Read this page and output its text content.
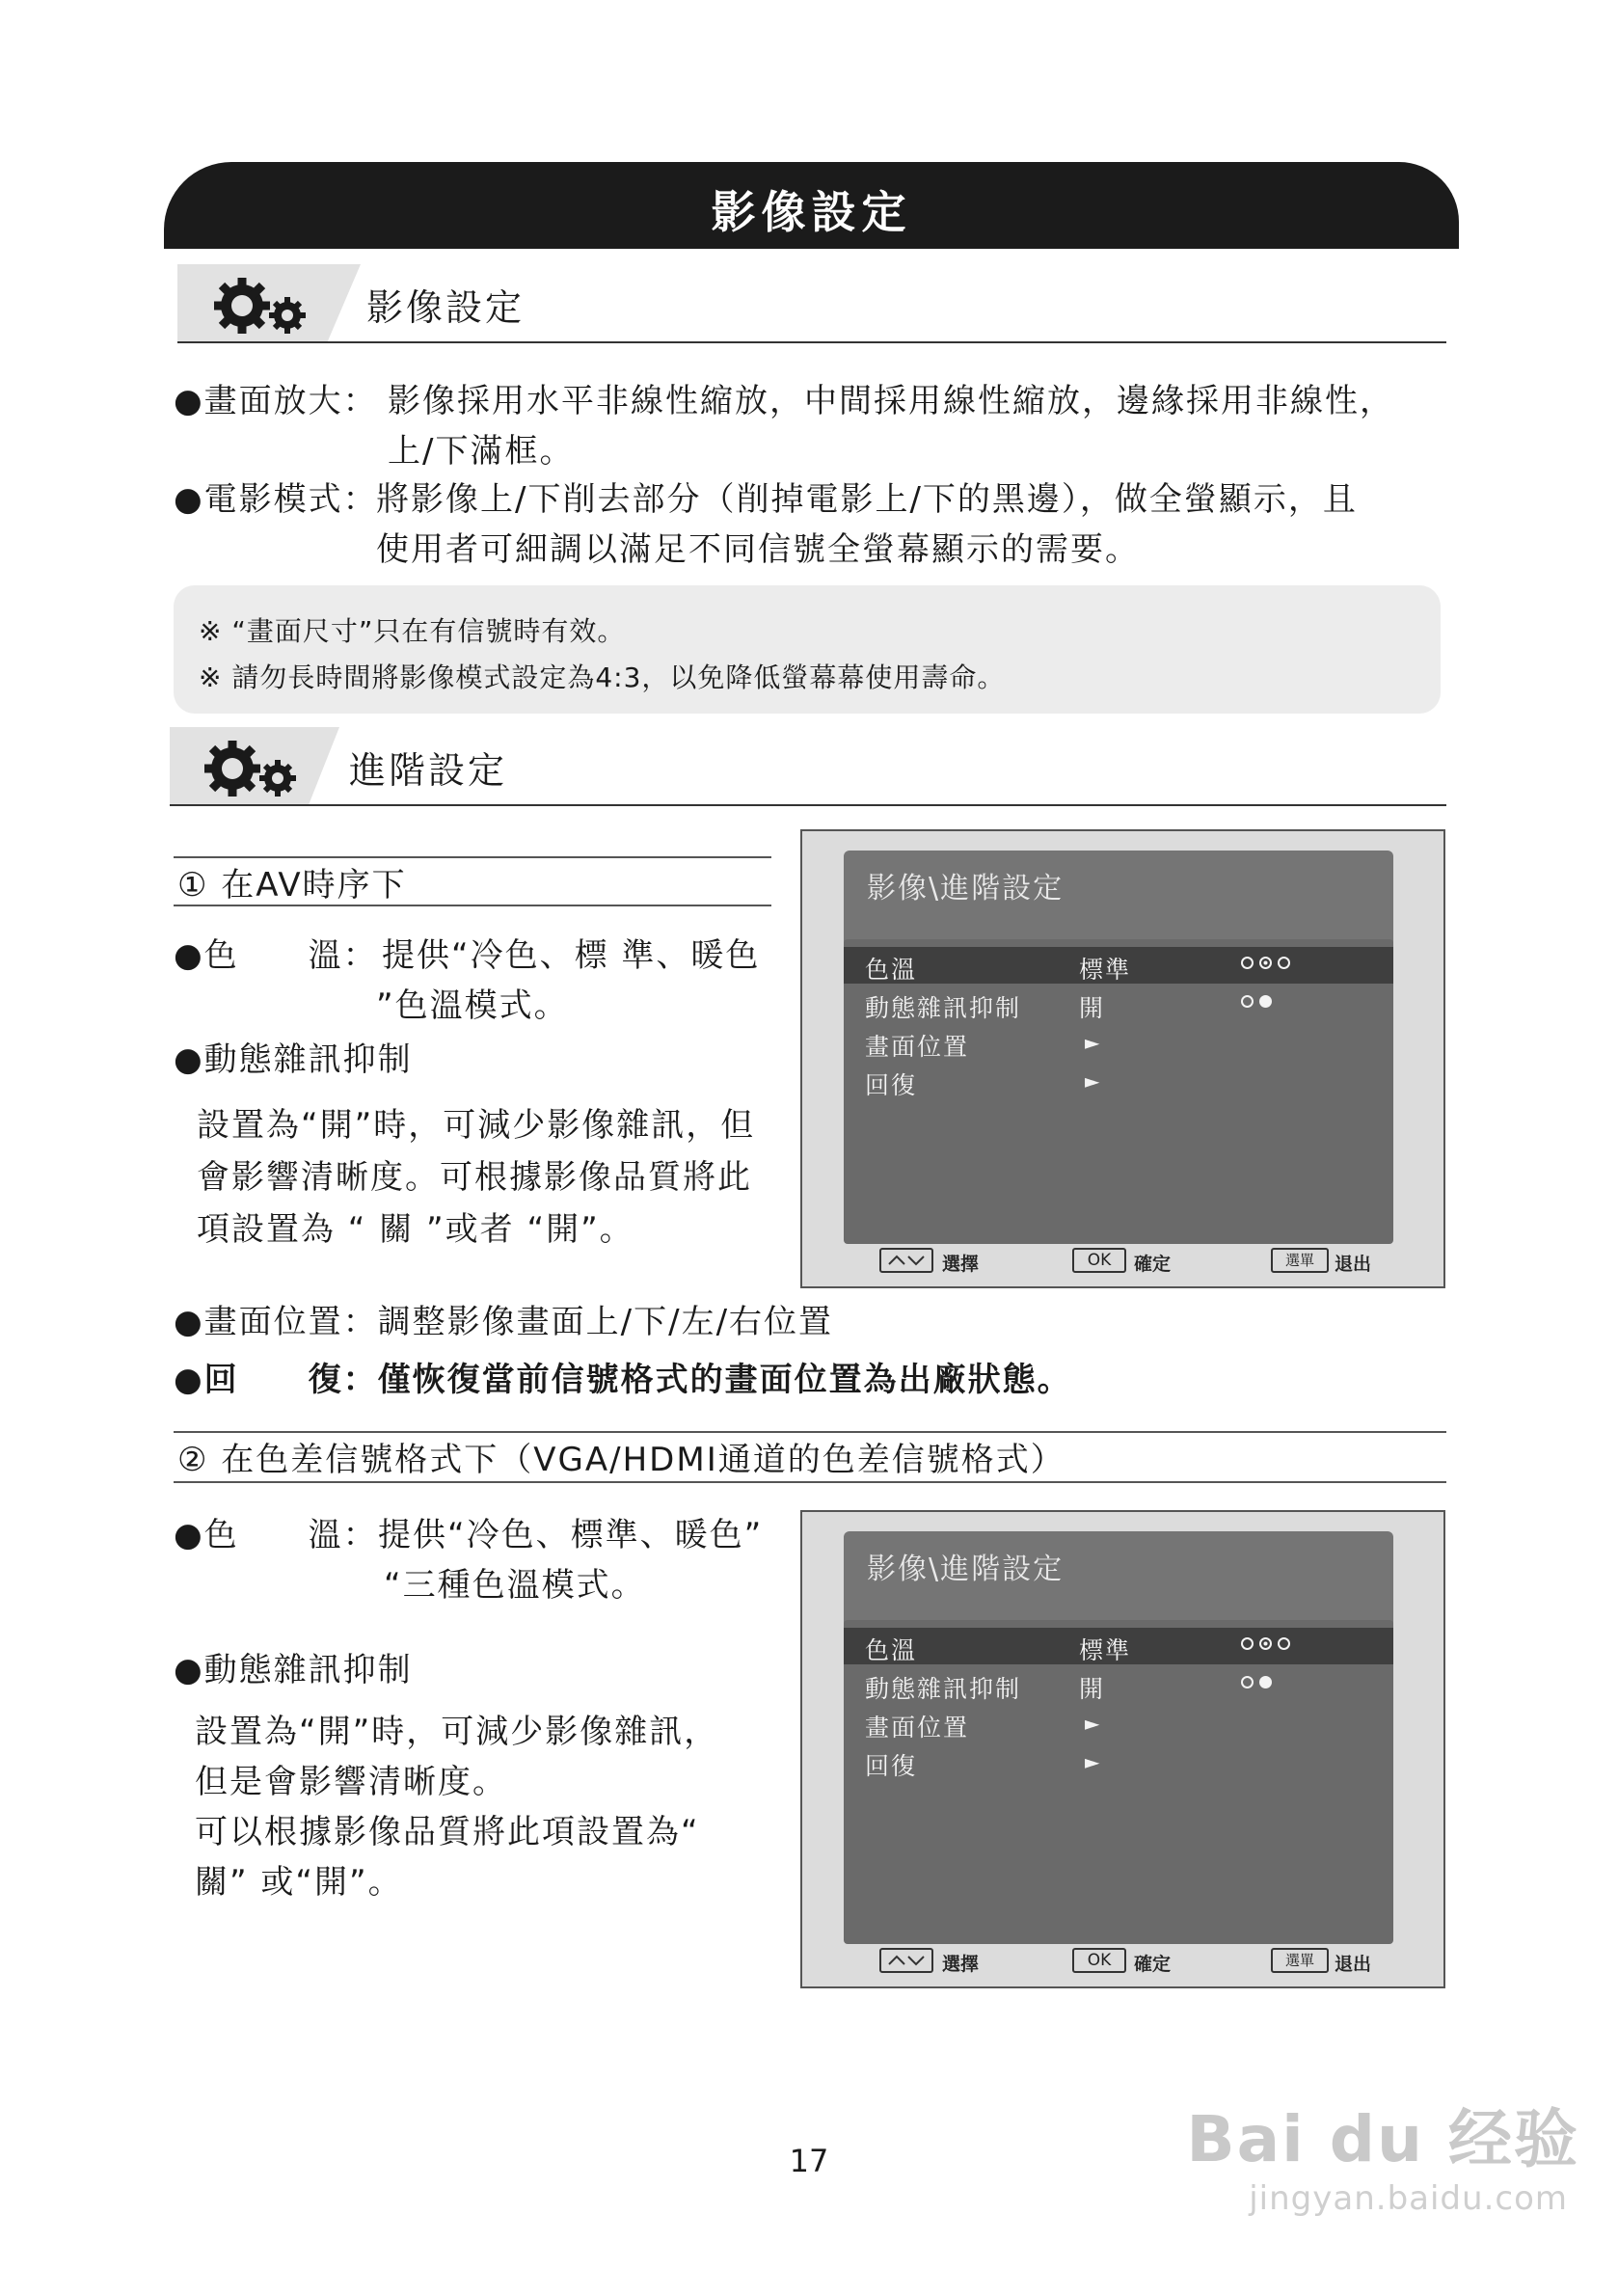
影像設定
影像設定
●畫面放大： 影像採用水平非線性縮放，中間採用線性縮放，邊緣採用非線性，
上/下滿框。
●電影模式：
將影像上/下削去部分（削掉電影上/下的黑邊），做全螢顯示，且
使用者可細調以滿足不同信號全螢幕顯示的需要。
※ “畫面尺寸”只在有信號時有效。
※ 請勿長時間將影像模式設定為4:3，以免降低螢幕幕使用壽命。
進階設定
① 在AV時序下
●色　　溫： 提供“冷色、標 準、暖色
”色溫模式。
●動態雜訊抑制
設置為“開”時，可減少影像雜訊，但
會影響清晰度。可根據影像品質將此
項設置為 “ 關 ”或者 “開”。
●畫面位置：調整影像畫面上/下/左/右位置
●回　　復：僅恢復當前信號格式的畫面位置為出廠狀態。
影像\進階設定
色溫	標準
動態雜訊抑制 開
畫面位置	►
回復	►
選擇	OK	確定	選單	退出
② 在色差信號格式下（VGA/HDMI通道的色差信號格式）
●色　　溫： 提供“冷色、標準、暖色”
“三種色溫模式。
●動態雜訊抑制
設置為“開”時，可減少影像雜訊，
但是會影響清晰度。
可以根據影像品質將此項設置為“
關” 或“開”。
影像\進階設定
色溫	標準
動態雜訊抑制 開
畫面位置	►
回復	►
選擇	OK	確定	選單	退出
17	Bai du 经验
jingyan.baidu.com
